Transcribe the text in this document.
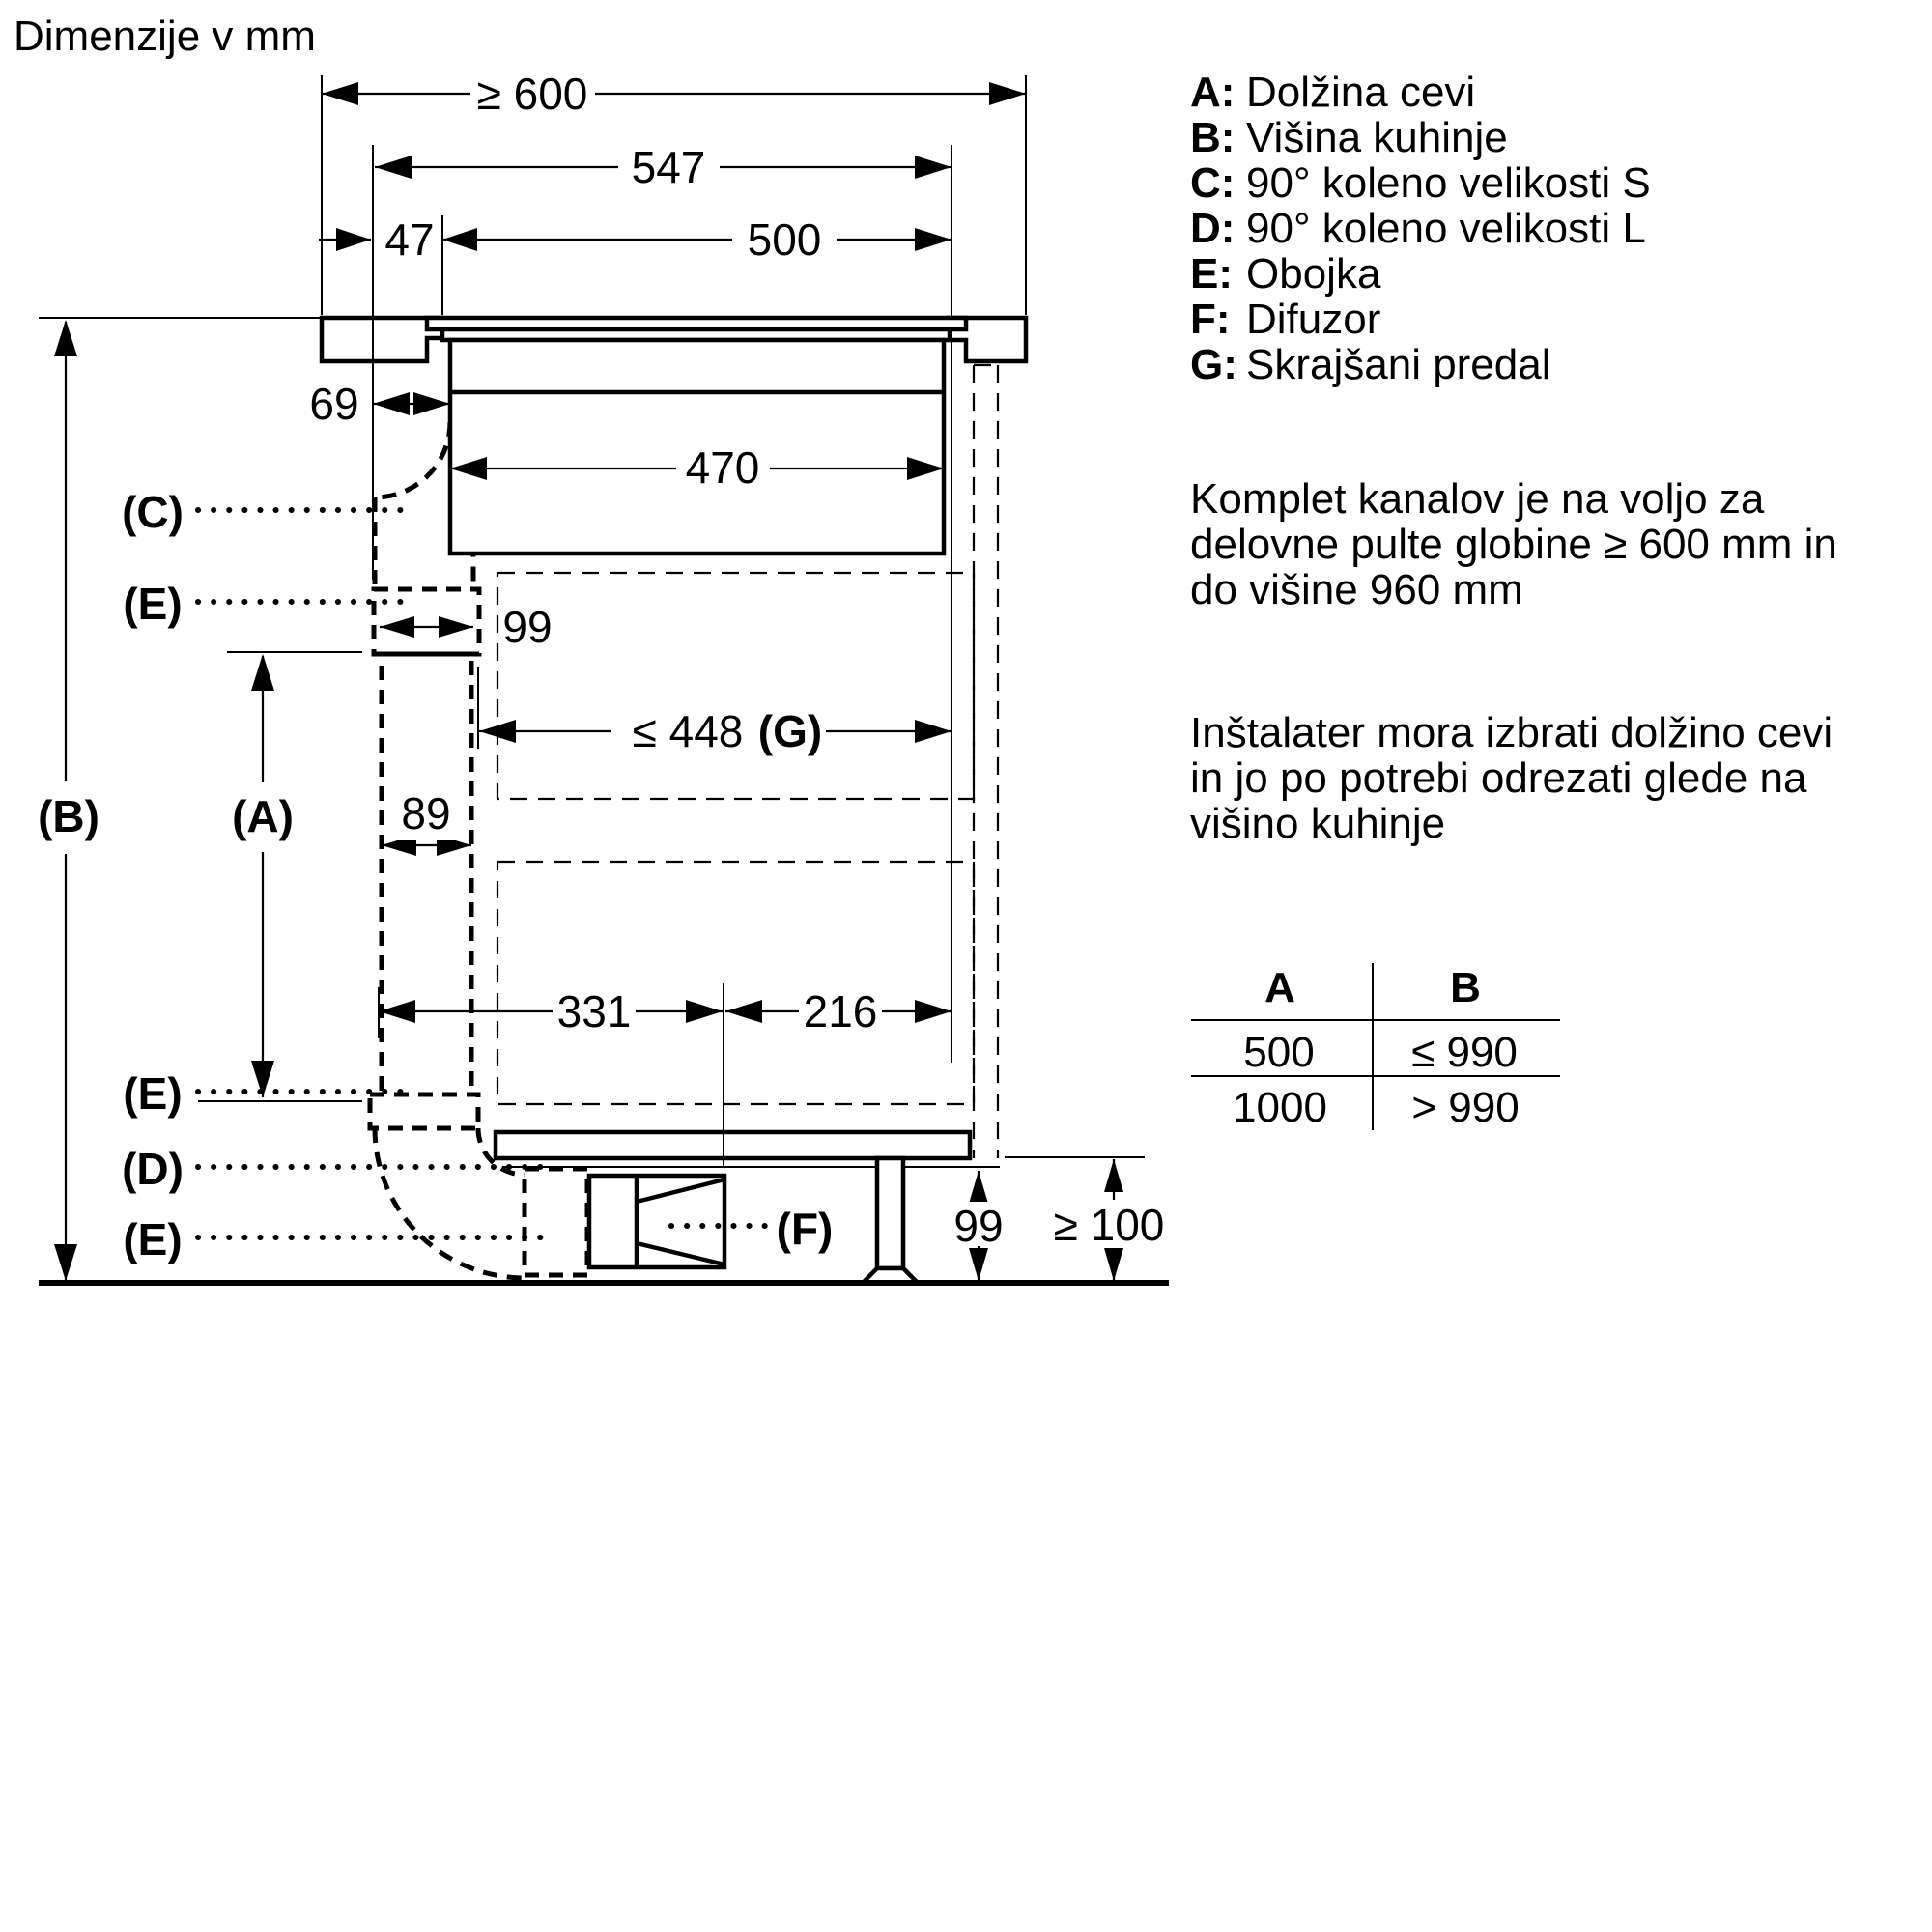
Dimenzije v mm
≥ 600
547
47	500
69
470
99
89
≤ 448 (G)
331	216
99 ≥ 100
(B)	(A)
(C)
(E)
(E)
(D)
(E)	(F)
A: Dolžina cevi
B: Višina kuhinje
C: 90° koleno velikosti S
D: 90° koleno velikosti L
E: Obojka
F: Difuzor
G: Skrajšani predal
Komplet kanalov je na voljo za
delovne pulte globine ≥ 600 mm in
do višine 960 mm
Inštalater mora izbrati dolžino cevi
in jo po potrebi odrezati glede na
višino kuhinje
A	B
500 ≤ 990
1000 > 990
